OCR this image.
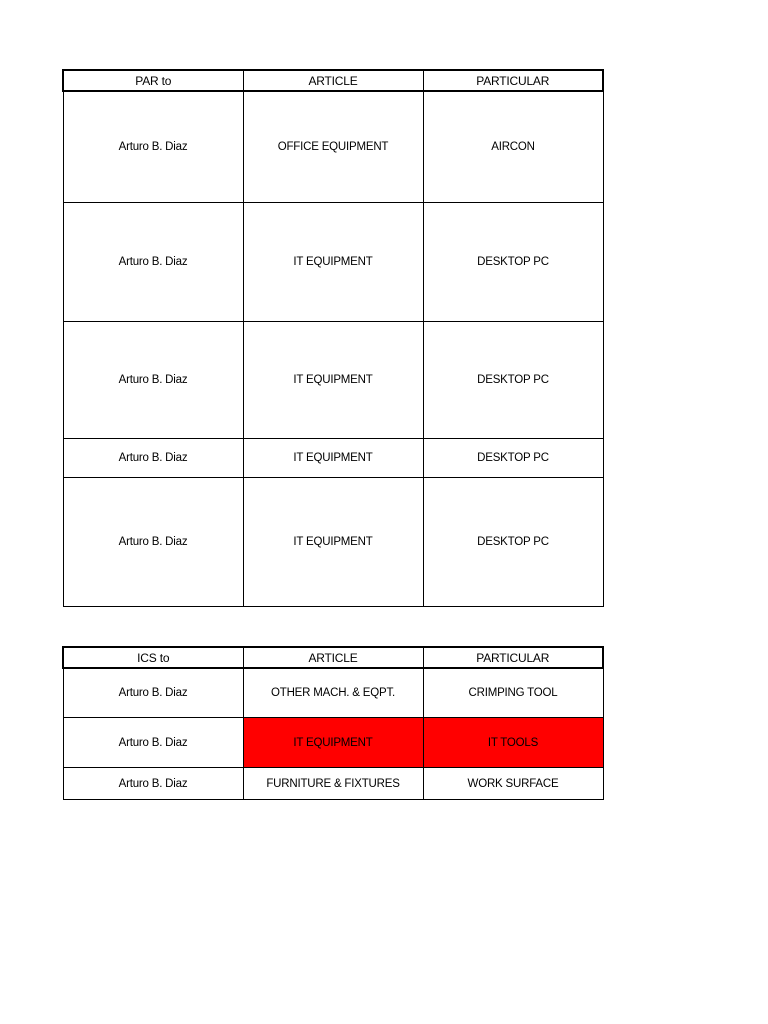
PAR to	ARTICLE	PARTICULAR
Arturo B. Diaz	OFFICE EQUIPMENT	AIRCON
Arturo B. Diaz	IT EQUIPMENT	DESKTOP PC
Arturo B. Diaz	IT EQUIPMENT	DESKTOP PC
Arturo B. Diaz	IT EQUIPMENT	DESKTOP PC
Arturo B. Diaz	IT EQUIPMENT	DESKTOP PC
ICS to	ARTICLE	PARTICULAR
Arturo B. Diaz	OTHER MACH. & EQPT.	CRIMPING TOOL
Arturo B. Diaz	IT EQUIPMENT	IT TOOLS
Arturo B. Diaz	FURNITURE & FIXTURES	WORK SURFACE
